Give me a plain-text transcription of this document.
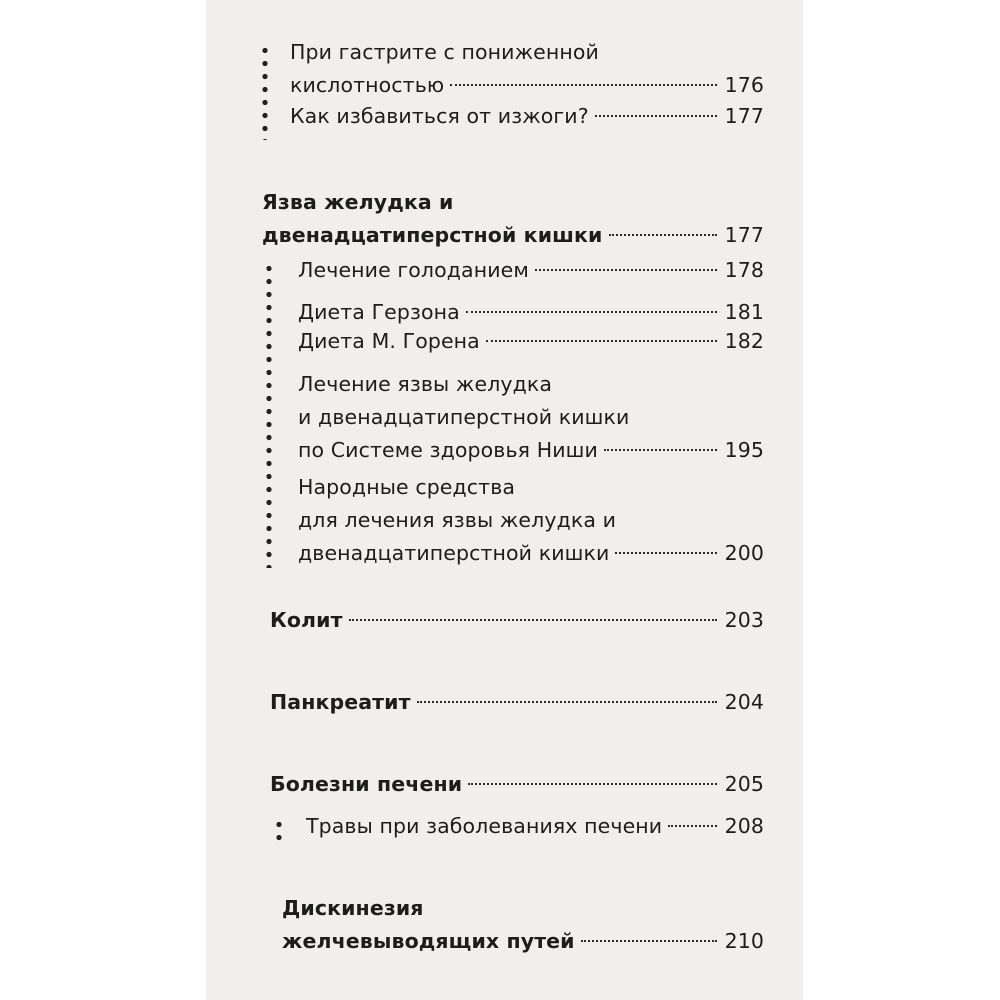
При гастрите с пониженной
кислотностью	176
Как избавиться от изжоги?	177
Язва желудка и
двенадцатиперстной кишки	177
Лечение голоданием	178
Диета Герзона	181
Диета М. Горена	182
Лечение язвы желудка
и двенадцатиперстной кишки
по Системе здоровья Ниши	195
Народные средства
для лечения язвы желудка и
двенадцатиперстной кишки	200
Колит	203
Панкреатит	204
Болезни печени	205
Травы при заболеваниях печени	208
Дискинезия
желчевыводящих путей	210
